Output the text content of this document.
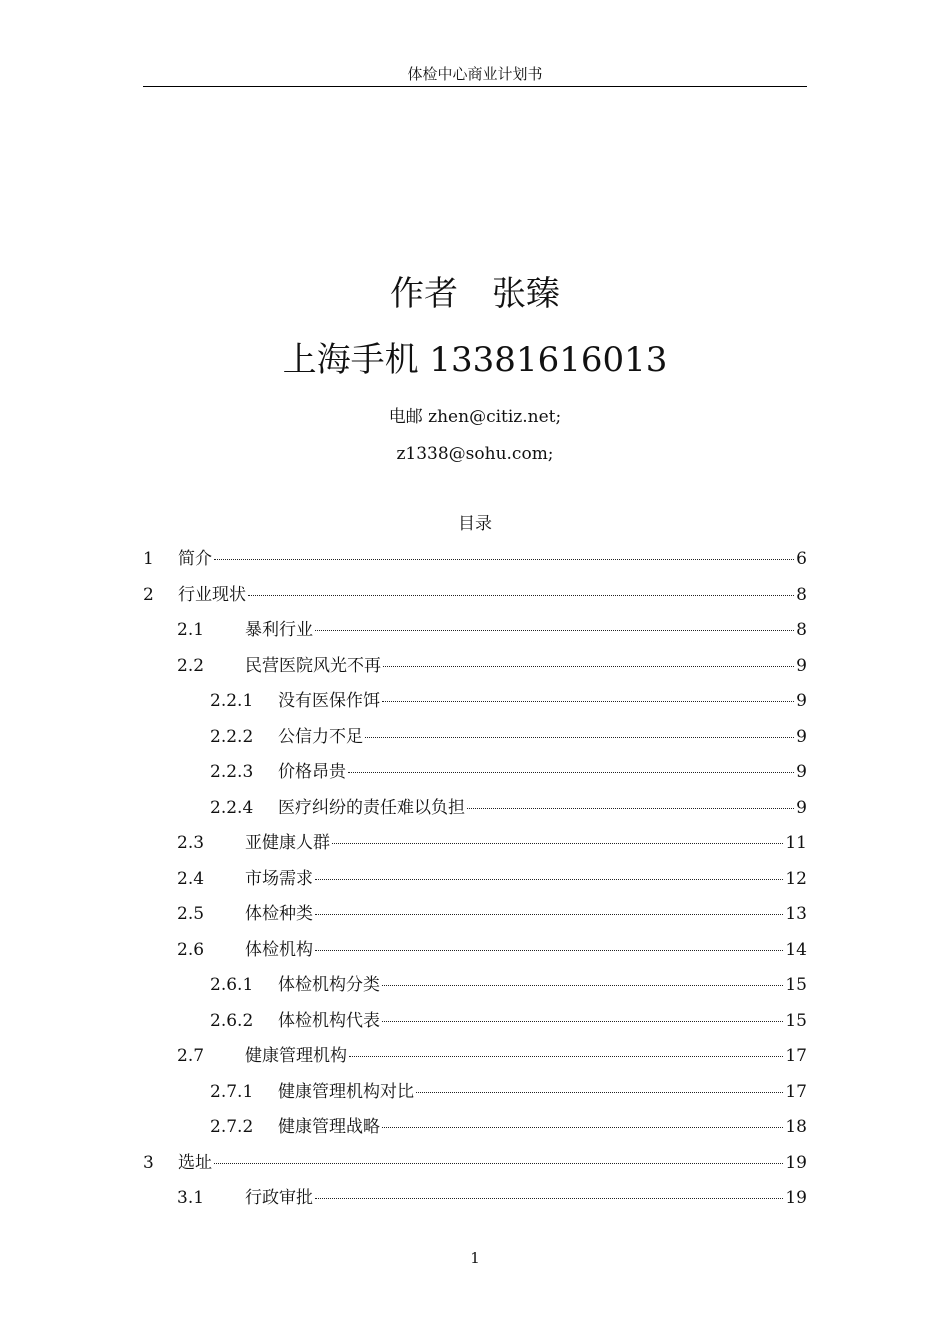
体检中心商业计划书
作者　张臻
上海手机 13381616013
电邮 zhen@citiz.net;
z1338@sohu.com;
目录
1	简介	6
2	行业现状	8
2.1	暴利行业	8
2.2	民营医院风光不再	9
2.2.1	没有医保作饵	9
2.2.2	公信力不足	9
2.2.3	价格昂贵	9
2.2.4	医疗纠纷的责任难以负担	9
2.3	亚健康人群	11
2.4	市场需求	12
2.5	体检种类	13
2.6	体检机构	14
2.6.1	体检机构分类	15
2.6.2	体检机构代表	15
2.7	健康管理机构	17
2.7.1	健康管理机构对比	17
2.7.2	健康管理战略	18
3	选址	19
3.1	行政审批	19
1
